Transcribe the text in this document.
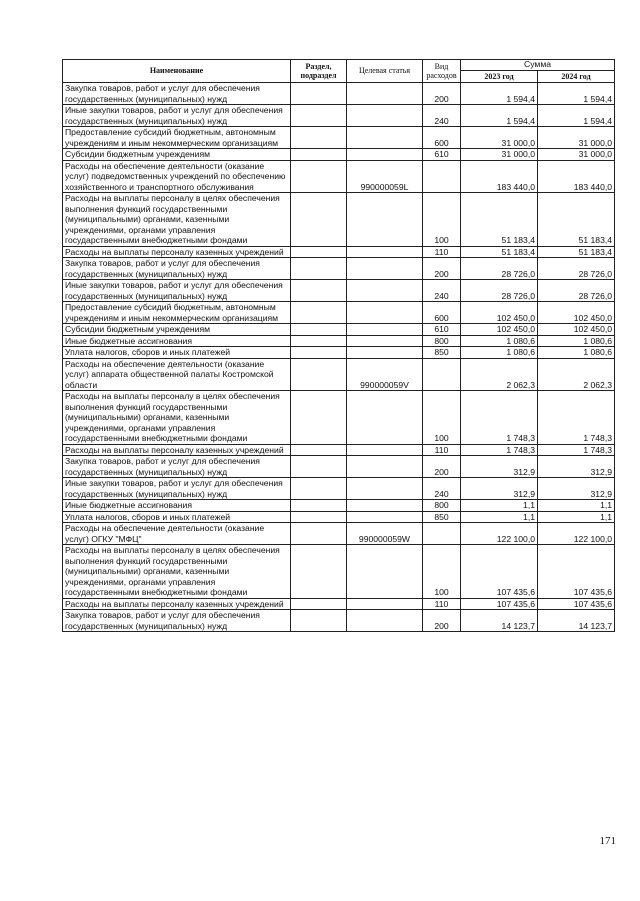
Наименование	Раздел, подраздел	Целевая статья	Вид расходов	Сумма	
				2023 год	2024 год
Закупка товаров, работ и услуг для обеспечения государственных (муниципальных) нужд			200	1 594,4	1 594,4
Иные закупки товаров, работ и услуг для обеспечения государственных (муниципальных) нужд			240	1 594,4	1 594,4
Предоставление субсидий бюджетным, автономным учреждениям и иным некоммерческим организациям			600	31 000,0	31 000,0
Субсидии бюджетным учреждениям			610	31 000,0	31 000,0
Расходы на обеспечение деятельности (оказание услуг) подведомственных учреждений по обеспечению хозяйственного и транспортного обслуживания		990000059L		183 440,0	183 440,0
Расходы на выплаты персоналу в целях обеспечения выполнения функций государственными (муниципальными) органами, казенными учреждениями, органами управления государственными внебюджетными фондами			100	51 183,4	51 183,4
Расходы на выплаты персоналу казенных учреждений			110	51 183,4	51 183,4
Закупка товаров, работ и услуг для обеспечения государственных (муниципальных) нужд			200	28 726,0	28 726,0
Иные закупки товаров, работ и услуг для обеспечения государственных (муниципальных) нужд			240	28 726,0	28 726,0
Предоставление субсидий бюджетным, автономным учреждениям и иным некоммерческим организациям			600	102 450,0	102 450,0
Субсидии бюджетным учреждениям			610	102 450,0	102 450,0
Иные бюджетные ассигнования			800	1 080,6	1 080,6
Уплата налогов, сборов и иных платежей			850	1 080,6	1 080,6
Расходы на обеспечение деятельности (оказание услуг) аппарата общественной палаты Костромской области		990000059V		2 062,3	2 062,3
Расходы на выплаты персоналу в целях обеспечения выполнения функций государственными (муниципальными) органами, казенными учреждениями, органами управления государственными внебюджетными фондами			100	1 748,3	1 748,3
Расходы на выплаты персоналу казенных учреждений			110	1 748,3	1 748,3
Закупка товаров, работ и услуг для обеспечения государственных (муниципальных) нужд			200	312,9	312,9
Иные закупки товаров, работ и услуг для обеспечения государственных (муниципальных) нужд			240	312,9	312,9
Иные бюджетные ассигнования			800	1,1	1,1
Уплата налогов, сборов и иных платежей			850	1,1	1,1
Расходы на обеспечение деятельности (оказание услуг) ОГКУ "МФЦ"		990000059W		122 100,0	122 100,0
Расходы на выплаты персоналу в целях обеспечения выполнения функций государственными (муниципальными) органами, казенными учреждениями, органами управления государственными внебюджетными фондами			100	107 435,6	107 435,6
Расходы на выплаты персоналу казенных учреждений			110	107 435,6	107 435,6
Закупка товаров, работ и услуг для обеспечения государственных (муниципальных) нужд			200	14 123,7	14 123,7
171
